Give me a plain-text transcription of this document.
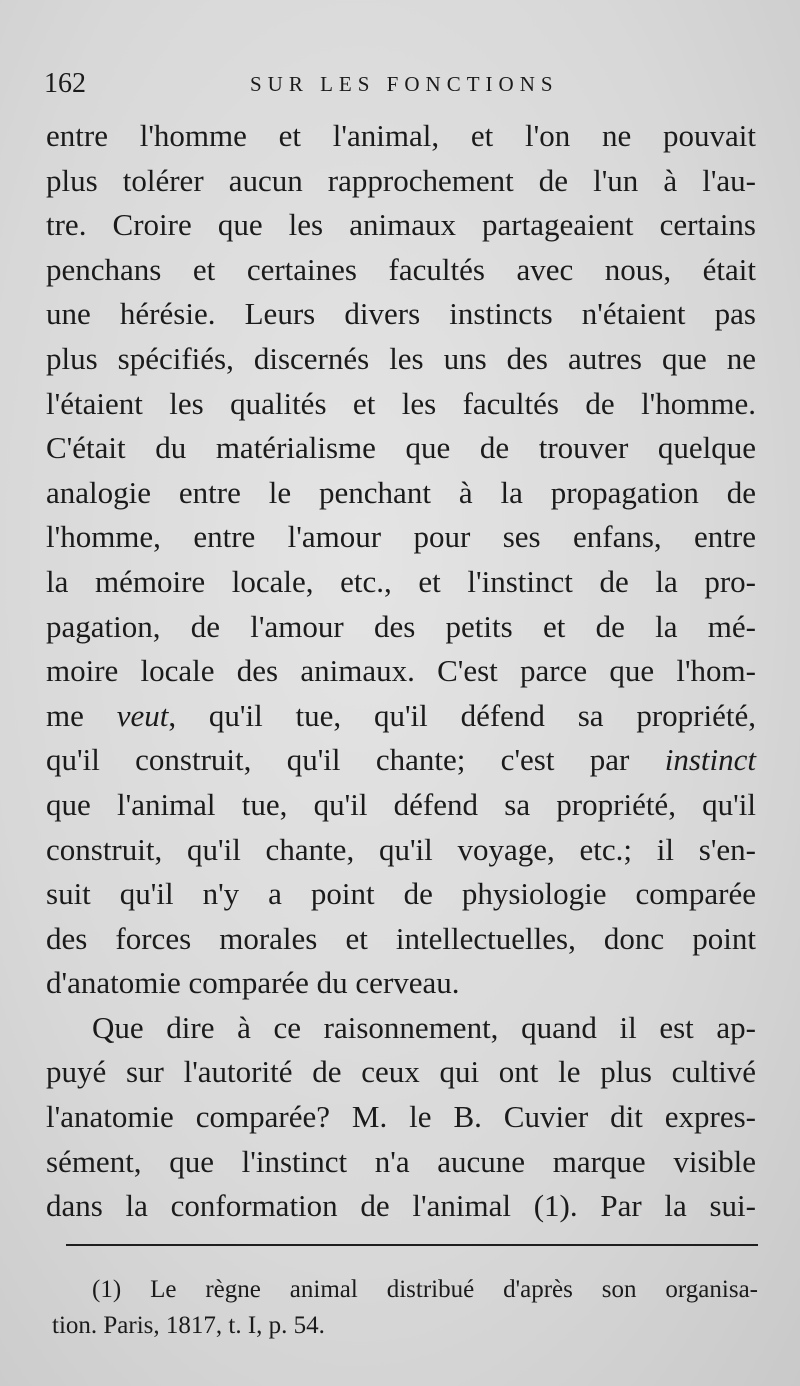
162	SUR LES FONCTIONS
entre l'homme et l'animal, et l'on ne pouvait
plus tolérer aucun rapprochement de l'un à l'au-
tre. Croire que les animaux partageaient certains
penchans et certaines facultés avec nous, était
une hérésie. Leurs divers instincts n'étaient pas
plus spécifiés, discernés les uns des autres que ne
l'étaient les qualités et les facultés de l'homme.
C'était du matérialisme que de trouver quelque
analogie entre le penchant à la propagation de
l'homme, entre l'amour pour ses enfans, entre
la mémoire locale, etc., et l'instinct de la pro-
pagation, de l'amour des petits et de la mé-
moire locale des animaux. C'est parce que l'hom-
me veut, qu'il tue, qu'il défend sa propriété,
qu'il construit, qu'il chante; c'est par instinct
que l'animal tue, qu'il défend sa propriété, qu'il
construit, qu'il chante, qu'il voyage, etc.; il s'en-
suit qu'il n'y a point de physiologie comparée
des forces morales et intellectuelles, donc point
d'anatomie comparée du cerveau.
Que dire à ce raisonnement, quand il est ap-
puyé sur l'autorité de ceux qui ont le plus cultivé
l'anatomie comparée? M. le B. Cuvier dit expres-
sément, que l'instinct n'a aucune marque visible
dans la conformation de l'animal (1). Par la sui-
(1) Le règne animal distribué d'après son organisa-
tion. Paris, 1817, t. I, p. 54.
